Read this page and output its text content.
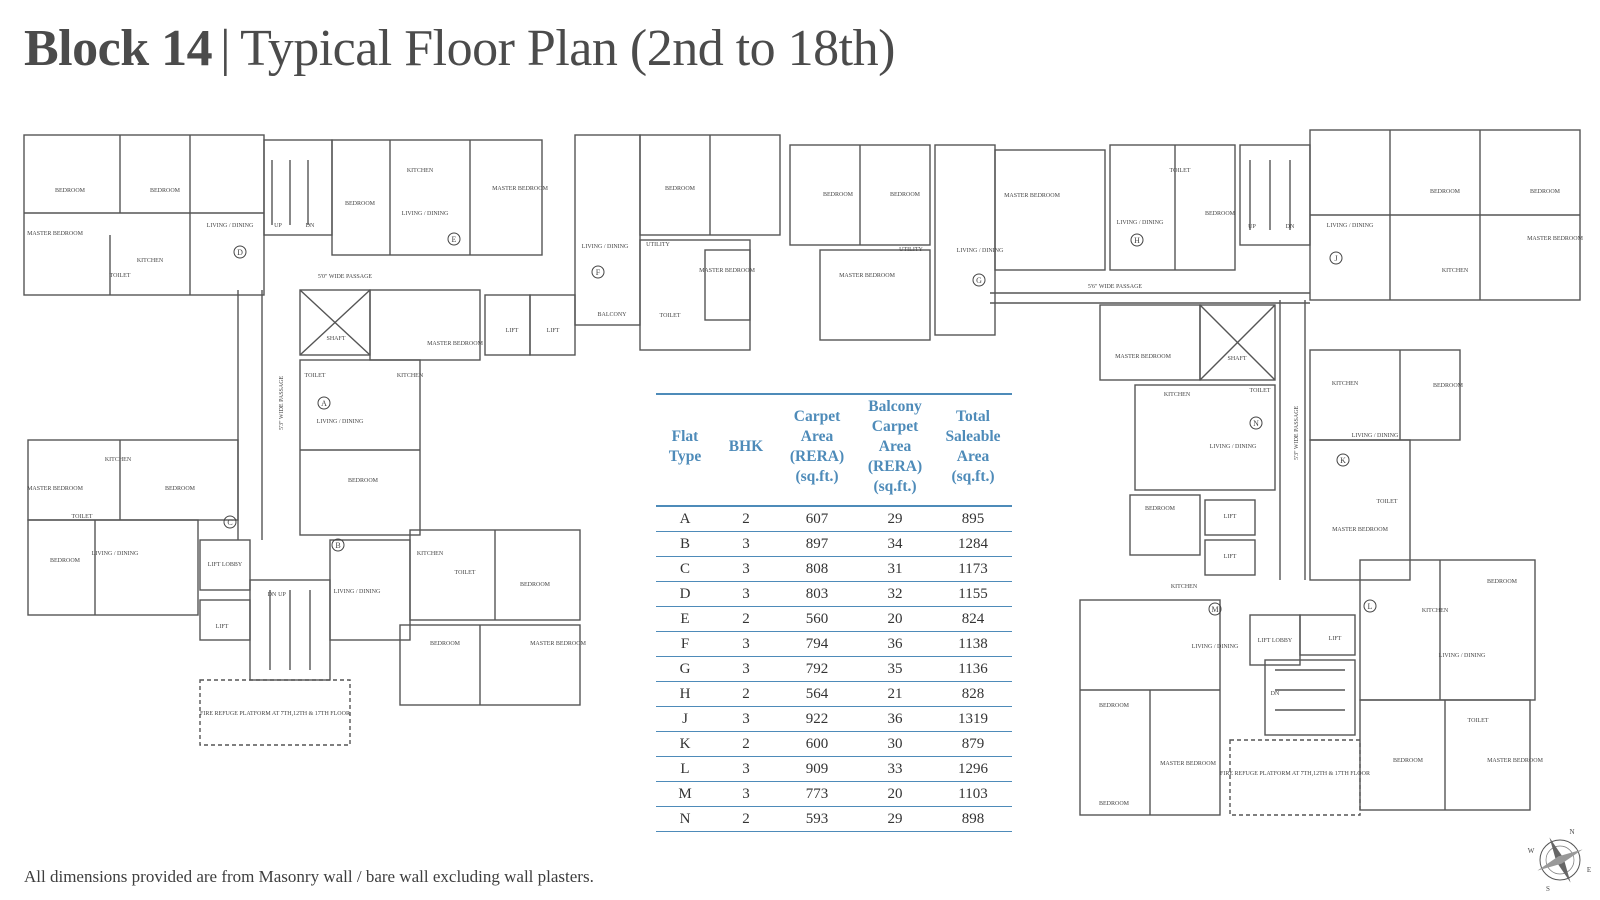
Block 14 | Typical Floor Plan (2nd to 18th)
A
B
C
D
E
F
G
H
J
K
L
M
N
LIFT	LIFT
LIFT
LIFT
LIFT
LIFT
LIFT LOBBY
LIFT LOBBY
SHAFT
SHAFT
UP	DN	UP	DN
UP
DN
DN
5'0" WIDE PASSAGE
5'6" WIDE PASSAGE
FIRE REFUGE PLATFORM AT 7TH,12TH & 17TH FLOOR
FIRE REFUGE PLATFORM AT 7TH,12TH & 17TH FLOOR
BEDROOM	BEDROOM
MASTER BEDROOM
LIVING / DINING
KITCHEN
TOILET
BEDROOM
LIVING / DINING
MASTER BEDROOM
KITCHEN
BEDROOM
LIVING / DINING	UTILITY
MASTER BEDROOM
TOILET
BALCONY
MASTER BEDROOM
LIVING / DINING
BEDROOM
KITCHEN
TOILET
KITCHEN
MASTER BEDROOM	BEDROOM
LIVING / DINING
BEDROOM
TOILET
LIVING / DINING
KITCHEN
BEDROOM
BEDROOM	MASTER BEDROOM
TOILET
BEDROOM	BEDROOM
MASTER BEDROOM
LIVING / DINING
UTILITY
MASTER BEDROOM
LIVING / DINING
BEDROOM
TOILET
BEDROOM	BEDROOM
LIVING / DINING
MASTER BEDROOM
KITCHEN
MASTER BEDROOM
KITCHEN
LIVING / DINING
BEDROOM
TOILET
KITCHEN	BEDROOM
LIVING / DINING
MASTER BEDROOM
TOILET
LIVING / DINING
BEDROOM
MASTER BEDROOM
BEDROOM
KITCHEN
BEDROOM
KITCHEN
LIVING / DINING
BEDROOM	MASTER BEDROOM
TOILET
5'3" WIDE PASSAGE
5'3" WIDE PASSAGE
N
E
S
W
Flat Type	BHK	Carpet Area (RERA) (sq.ft.)	Balcony Carpet Area (RERA) (sq.ft.)	Total Saleable Area (sq.ft.)
A	2	607	29	895
B	3	897	34	1284
C	3	808	31	1173
D	3	803	32	1155
E	2	560	20	824
F	3	794	36	1138
G	3	792	35	1136
H	2	564	21	828
J	3	922	36	1319
K	2	600	30	879
L	3	909	33	1296
M	3	773	20	1103
N	2	593	29	898
All dimensions provided are from Masonry wall / bare wall excluding wall plasters.
